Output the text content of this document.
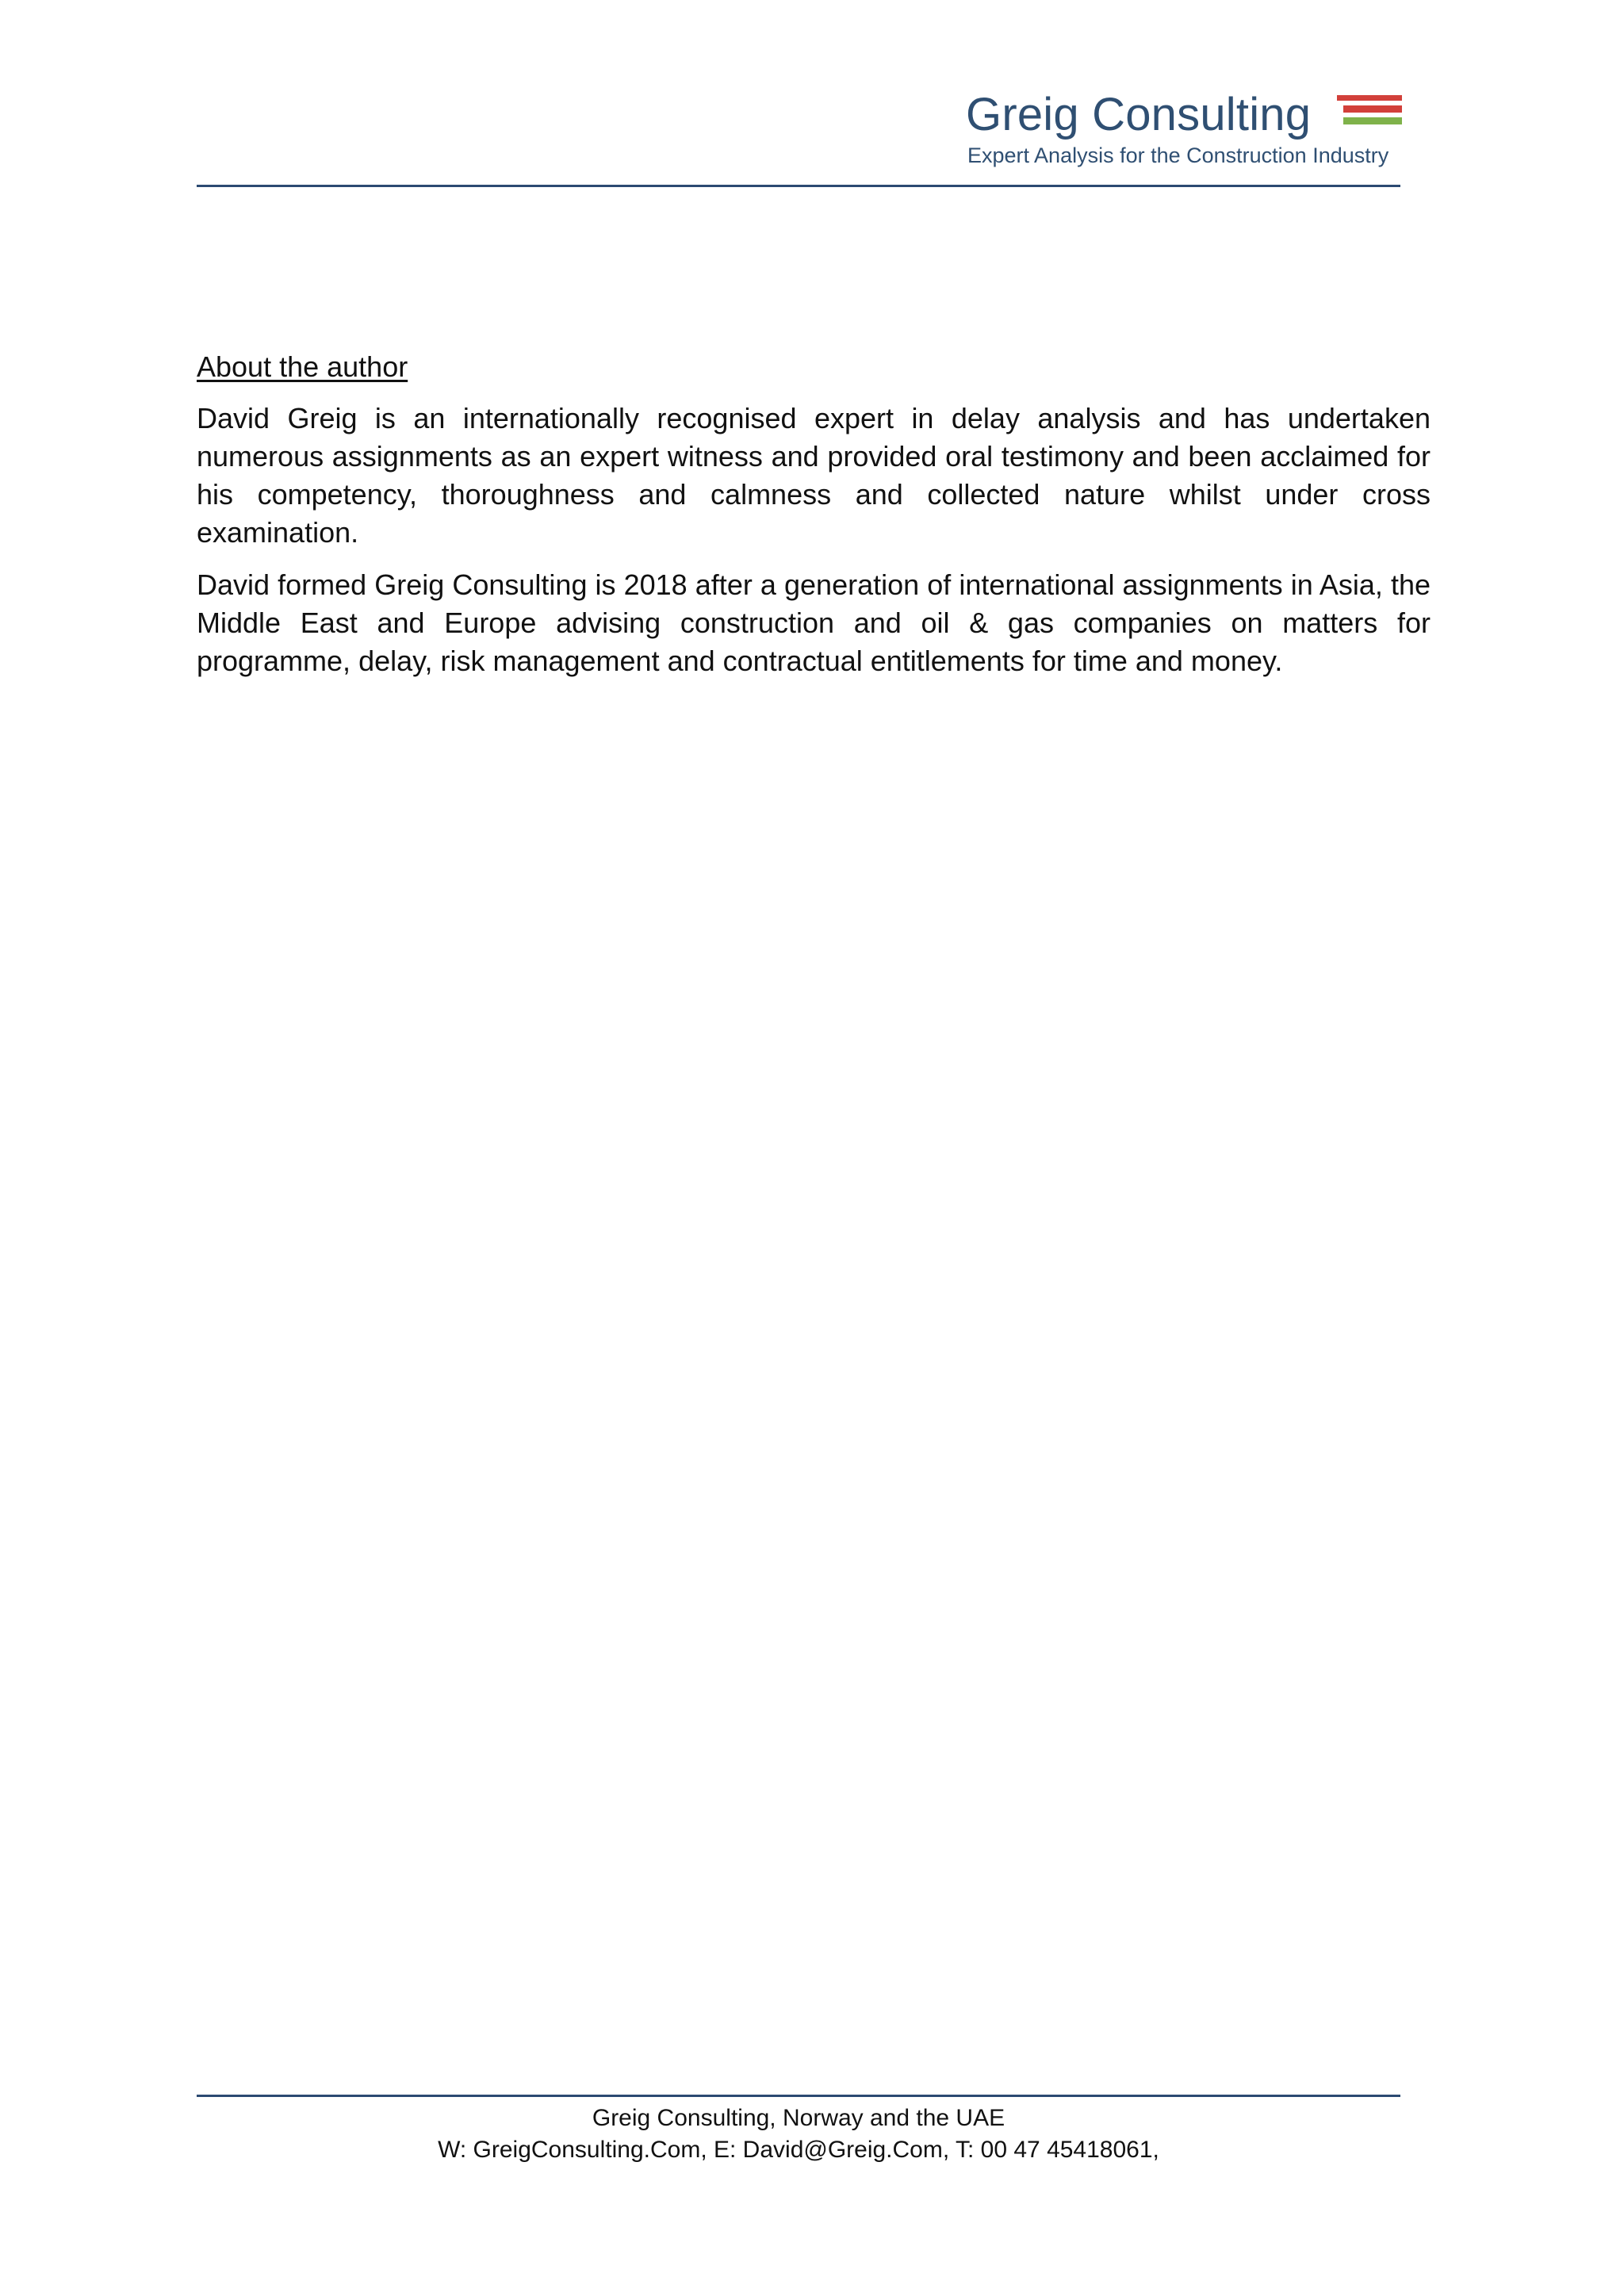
Greig Consulting
Expert Analysis for the Construction Industry
About the author

David Greig is an internationally recognised expert in delay analysis and has undertaken numerous assignments as an expert witness and provided oral testimony and been acclaimed for his competency, thoroughness and calmness and collected nature whilst under cross examination.

David formed Greig Consulting is 2018 after a generation of international assignments in Asia, the Middle East and Europe advising construction and oil & gas companies on matters for programme, delay, risk management and contractual entitlements for time and money.

Greig Consulting, Norway and the UAE
W: GreigConsulting.Com, E: David@Greig.Com, T: 00 47 45418061,
